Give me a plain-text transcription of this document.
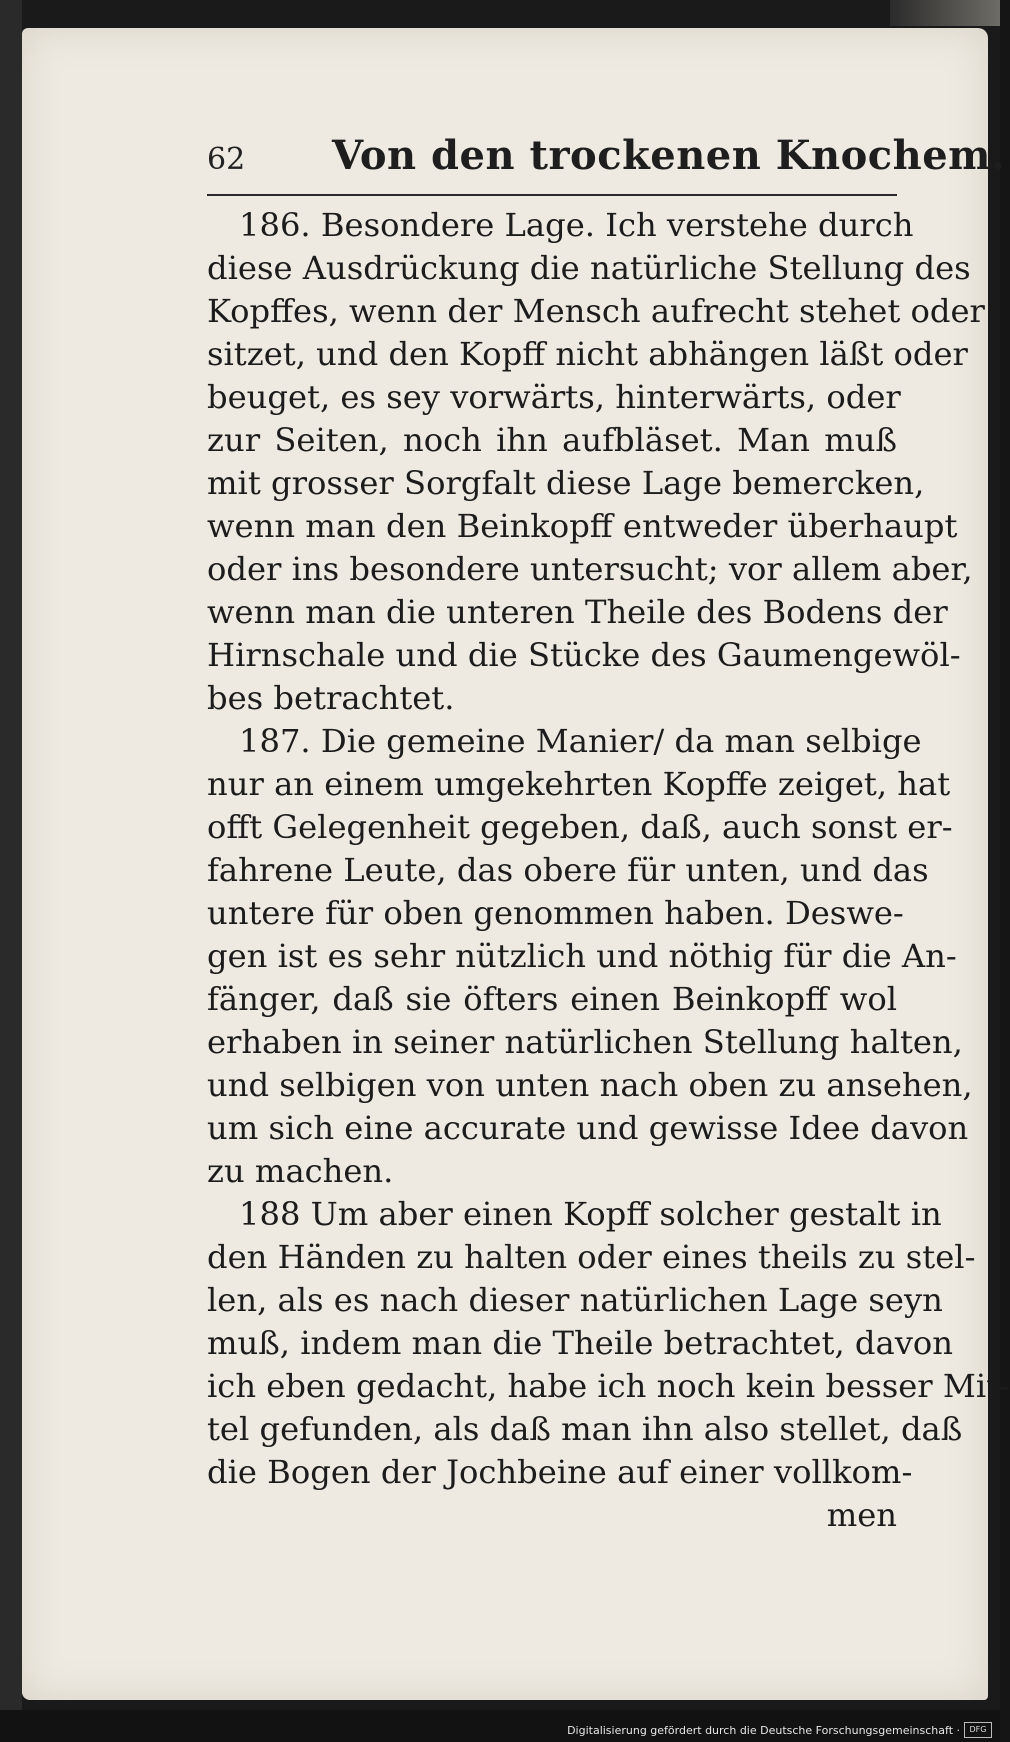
62 Von den trockenen Knochem.
186. Besondere Lage. Ich verstehe durch
diese Ausdrückung die natürliche Stellung des
Kopffes, wenn der Mensch aufrecht stehet oder
sitzet, und den Kopff nicht abhängen läßt oder
beuget, es sey vorwärts, hinterwärts, oder
zur Seiten, noch ihn aufbläset. Man muß
mit grosser Sorgfalt diese Lage bemercken,
wenn man den Beinkopff entweder überhaupt
oder ins besondere untersucht; vor allem aber,
wenn man die unteren Theile des Bodens der
Hirnschale und die Stücke des Gaumengewöl-
bes betrachtet.
187. Die gemeine Manier/ da man selbige
nur an einem umgekehrten Kopffe zeiget, hat
offt Gelegenheit gegeben, daß, auch sonst er-
fahrene Leute, das obere für unten, und das
untere für oben genommen haben. Deswe-
gen ist es sehr nützlich und nöthig für die An-
fänger, daß sie öfters einen Beinkopff wol
erhaben in seiner natürlichen Stellung halten,
und selbigen von unten nach oben zu ansehen,
um sich eine accurate und gewisse Idee davon
zu machen.
188 Um aber einen Kopff solcher gestalt in
den Händen zu halten oder eines theils zu stel-
len, als es nach dieser natürlichen Lage seyn
muß, indem man die Theile betrachtet, davon
ich eben gedacht, habe ich noch kein besser Mit-
tel gefunden, als daß man ihn also stellet, daß
die Bogen der Jochbeine auf einer vollkom-
men
Digitalisierung gefördert durch die Deutsche Forschungsgemeinschaft ·	DFG
